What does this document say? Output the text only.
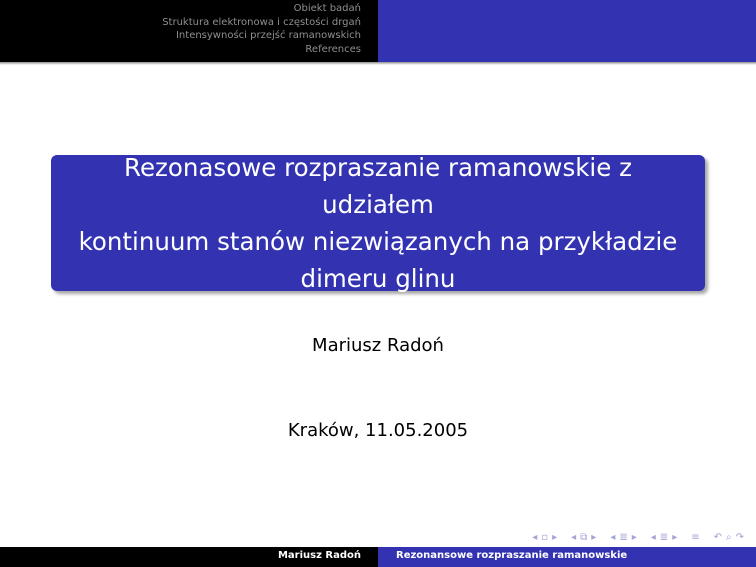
Obiekt badań
Struktura elektronowa i częstości drgań
Intensywności przejść ramanowskich
References
Rezonasowe rozpraszanie ramanowskie z udziałem
kontinuum stanów niezwiązanych na przykładzie
dimeru glinu
Mariusz Radoń
Kraków, 11.05.2005
◂ ▫ ▸ ◂ ⧉ ▸ ◂ ≣ ▸ ◂ ≣ ▸ ≡ ↶ ⌕ ↷
Mariusz Radoń	Rezonansowe rozpraszanie ramanowskie
